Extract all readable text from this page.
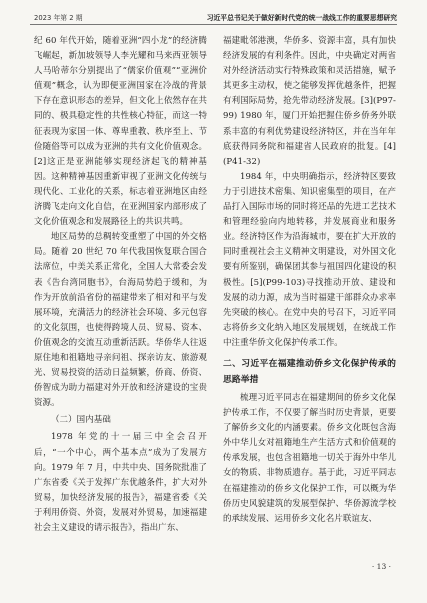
2023 年第 2 期	习近平总书记关于做好新时代党的统一战线工作的重要思想研究

纪 60 年代开始，随着亚洲“四小龙”的经济腾飞崛起，新加坡领导人李光耀和马来西亚领导人马哈蒂尔分别提出了“儒家价值观”“亚洲价值观”概念，认为即便亚洲国家在冷战的背景下存在意识形态的差异，但文化上依然存在共同的、极具稳定性的共性核心特征，而这一特征表现为家国一体、尊卑重教、秩序至上、节俭随俗等可以成为亚洲的共有文化价值观念。[2]这正是亚洲能够实现经济起飞的精神基因。这种精神基因重新审视了亚洲文化传统与现代化、工业化的关系，标志着亚洲地区由经济腾飞走向文化自信，在亚洲国家内部形成了文化价值观念和发展路径上的共识共鸣。

地区局势的总稠转变重塑了中国的外交格局。随着 20 世纪 70 年代我国恢复联合国合法席位，中美关系正常化，全国人大常委会发表《告台湾同胞书》，台海局势趋于缓和，为作为开放前沿省份的福建带来了相对和平与发展环境，充满活力的经济社会环境、多元包容的文化氛围，也使得跨境人员、贸易、资本、价值观念的交流互动重新活跃。华侨华人往返原住地和祖籍地寻亲问祖、探亲访友、旅游观光、贸易投资的活动日益频繁，侨商、侨资、侨智成为助力福建对外开放和经济建设的宝贵资源。

（二）国内基础

1978 年党的十一届三中全会召开后，“一个中心，两个基本点”成为了发展方向。1979 年 7 月，中共中央、国务院批准了广东省委《关于发挥广东优越条件，扩大对外贸易，加快经济发展的报告》，福建省委《关于利用侨资、外资，发展对外贸易，加速福建社会主义建设的请示报告》，指出广东、

福建毗邻港澳，华侨多、资源丰富，具有加快经济发展的有利条件。因此，中央确定对两省对外经济活动实行特殊政策和灵活措施，赋予其更多主动权，使之能够发挥优越条件，把握有利国际局势，抢先带动经济发展。[3](P97-99) 1980 年，厦门开始把握住侨乡侨务外联系丰富的有利优势建设经济特区，并在当年年底获得同务院和福建省人民政府的批复。[4](P41-32)

1984 年，中央明确指示，经济特区要致力于引进技术密集、知识密集型的项目，在产品打入国际市场的同时将还品的先进工艺技术和管理经验向内地转移，并发展商业和服务业。经济特区作为沿海城市，要在扩大开放的同时重视社会主义精神文明建设，对外国文化要有所鉴别，确保团其参与祖国四化建设的积极性。[5](P99-103)寻找推动开放、建设和发展的动力源，成为当时福建干部群众办求率先突破的核心。在党中央的号召下，习近平同志将侨乡文化纳入地区发展规划，在统战工作中注重华侨文化保护传承工作。

二、习近平在福建推动侨乡文化保护传承的思路举措

梳理习近平同志在福建期间的侨乡文化保护传承工作，不仅要了解当时历史背景，更要了解侨乡文化的内涵要素。侨乡文化既包含海外中华儿女对祖籍地生产生活方式和价值观的传承发展，也包含祖籍地一切关于海外中华儿女的物质、非物质遗存。基于此，习近平同志在福建推动的侨乡文化保护工作，可以概为华侨历史风貌建筑的发展型保护、华侨源流学校的承续发展、运用侨乡文化名片联谊友、

· 13 ·
